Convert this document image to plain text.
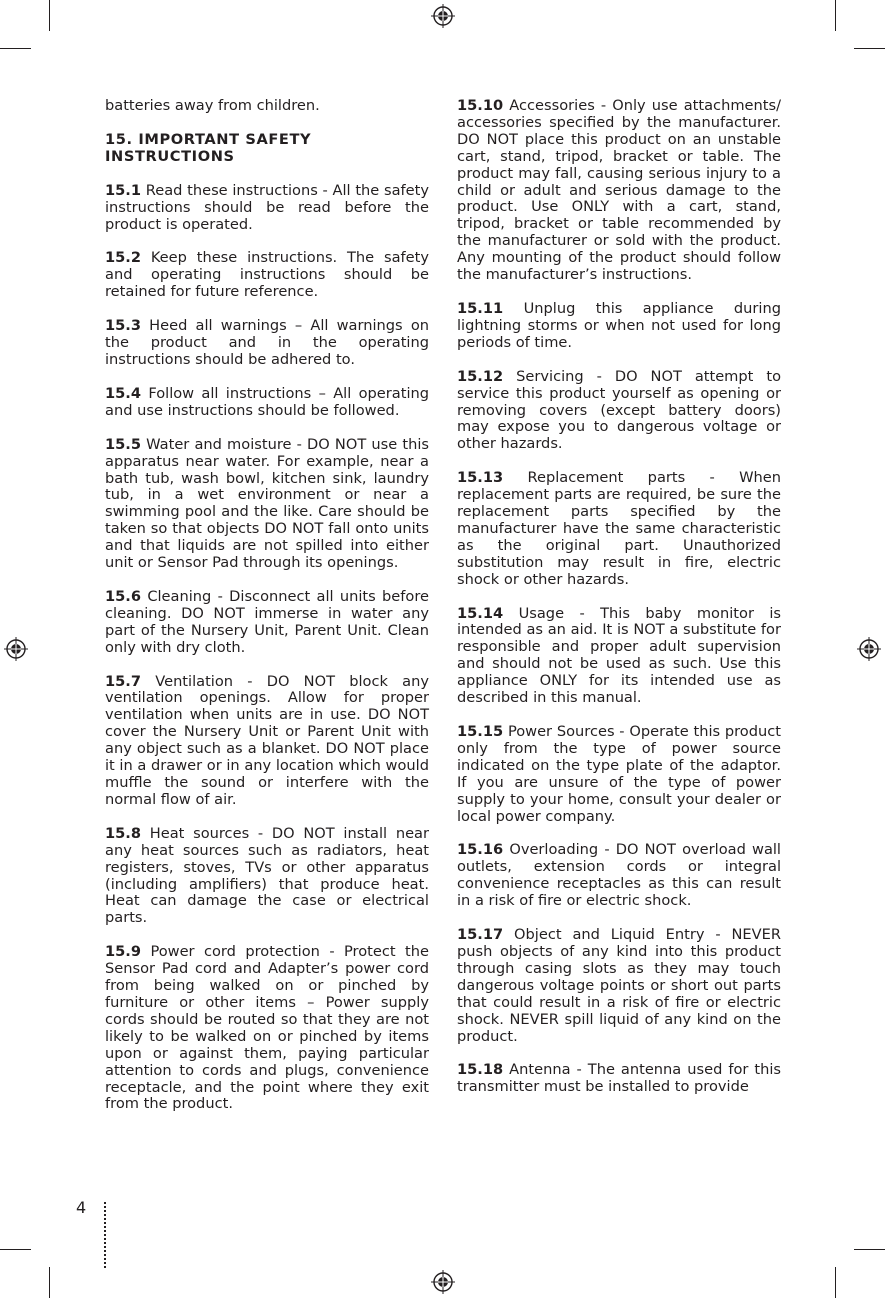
batteries away from children.

15. IMPORTANT SAFETY INSTRUCTIONS

15.1 Read these instructions - All the safety instructions should be read before the product is operated.

15.2 Keep these instructions. The safety and operating instructions should be retained for future reference.

15.3 Heed all warnings – All warnings on the product and in the operating instructions should be adhered to.

15.4 Follow all instructions – All operating and use instructions should be followed.

15.5 Water and moisture - DO NOT use this apparatus near water. For example, near a bath tub, wash bowl, kitchen sink, laundry tub, in a wet environment or near a swimming pool and the like. Care should be taken so that objects DO NOT fall onto units and that liquids are not spilled into either unit or Sensor Pad through its openings.

15.6 Cleaning - Disconnect all units before cleaning. DO NOT immerse in water any part of the Nursery Unit, Parent Unit. Clean only with dry cloth.

15.7 Ventilation - DO NOT block any ventilation openings. Allow for proper ventilation when units are in use. DO NOT cover the Nursery Unit or Parent Unit with any object such as a blanket. DO NOT place it in a drawer or in any location which would muffle the sound or interfere with the normal flow of air.

15.8 Heat sources - DO NOT install near any heat sources such as radiators, heat registers, stoves, TVs or other apparatus (including amplifiers) that produce heat. Heat can damage the case or electrical parts.

15.9 Power cord protection - Protect the Sensor Pad cord and Adapter’s power cord from being walked on or pinched by furniture or other items – Power supply cords should be routed so that they are not likely to be walked on or pinched by items upon or against them, paying particular attention to cords and plugs, convenience receptacle, and the point where they exit from the product.

15.10 Accessories - Only use attachments/ accessories specified by the manufacturer. DO NOT place this product on an unstable cart, stand, tripod, bracket or table. The product may fall, causing serious injury to a child or adult and serious damage to the product. Use ONLY with a cart, stand, tripod, bracket or table recommended by the manufacturer or sold with the product. Any mounting of the product should follow the manufacturer’s instructions.

15.11 Unplug this appliance during lightning storms or when not used for long periods of time.

15.12 Servicing - DO NOT attempt to service this product yourself as opening or removing covers (except battery doors) may expose you to dangerous voltage or other hazards.

15.13 Replacement parts - When replacement parts are required, be sure the replacement parts specified by the manufacturer have the same characteristic as the original part. Unauthorized substitution may result in fire, electric shock or other hazards.

15.14 Usage - This baby monitor is intended as an aid. It is NOT a substitute for responsible and proper adult supervision and should not be used as such. Use this appliance ONLY for its intended use as described in this manual.

15.15 Power Sources - Operate this product only from the type of power source indicated on the type plate of the adaptor. If you are unsure of the type of power supply to your home, consult your dealer or local power company.

15.16 Overloading - DO NOT overload wall outlets, extension cords or integral convenience receptacles as this can result in a risk of fire or electric shock.

15.17 Object and Liquid Entry - NEVER push objects of any kind into this product through casing slots as they may touch dangerous voltage points or short out parts that could result in a risk of fire or electric shock. NEVER spill liquid of any kind on the product.

15.18 Antenna - The antenna used for this transmitter must be installed to provide

4
